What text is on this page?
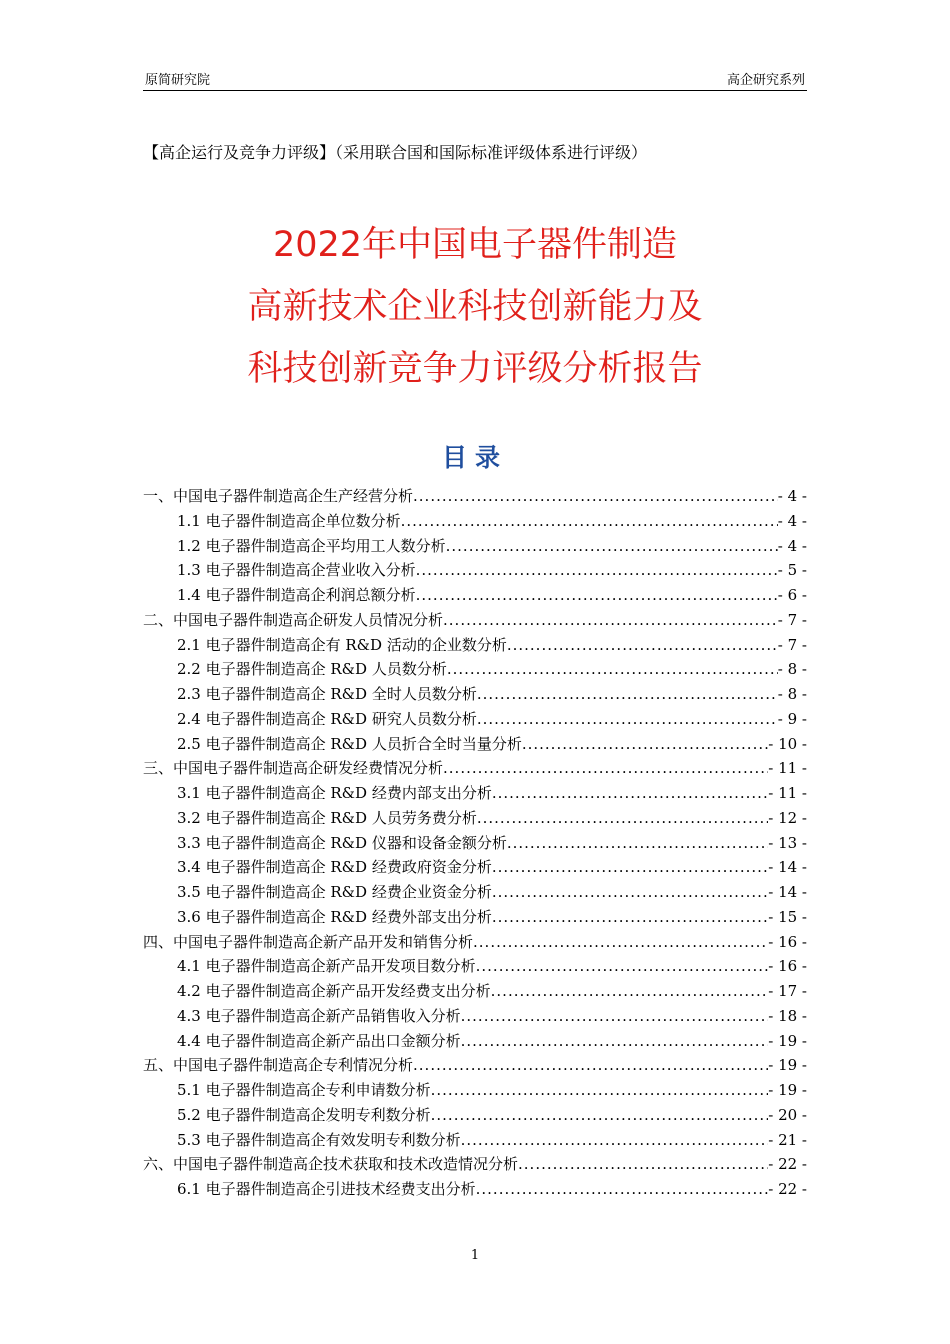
原简研究院	高企研究系列
【高企运行及竞争力评级】（采用联合国和国际标准评级体系进行评级）
2022年中国电子器件制造
高新技术企业科技创新能力及
科技创新竞争力评级分析报告
目录
一、中国电子器件制造高企生产经营分析 .....	- 4 -
1.1 电子器件制造高企单位数分析 .....	- 4 -
1.2 电子器件制造高企平均用工人数分析 .....	- 4 -
1.3 电子器件制造高企营业收入分析 .....	- 5 -
1.4 电子器件制造高企利润总额分析 .....	- 6 -
二、中国电子器件制造高企研发人员情况分析 .....	- 7 -
2.1 电子器件制造高企有 R&D 活动的企业数分析 .....	- 7 -
2.2 电子器件制造高企 R&D 人员数分析 .....	- 8 -
2.3 电子器件制造高企 R&D 全时人员数分析 .....	- 8 -
2.4 电子器件制造高企 R&D 研究人员数分析 .....	- 9 -
2.5 电子器件制造高企 R&D 人员折合全时当量分析 .....	- 10 -
三、中国电子器件制造高企研发经费情况分析 .....	- 11 -
3.1 电子器件制造高企 R&D 经费内部支出分析 .....	- 11 -
3.2 电子器件制造高企 R&D 人员劳务费分析 .....	- 12 -
3.3 电子器件制造高企 R&D 仪器和设备金额分析 .....	- 13 -
3.4 电子器件制造高企 R&D 经费政府资金分析 .....	- 14 -
3.5 电子器件制造高企 R&D 经费企业资金分析 .....	- 14 -
3.6 电子器件制造高企 R&D 经费外部支出分析 .....	- 15 -
四、中国电子器件制造高企新产品开发和销售分析 .....	- 16 -
4.1 电子器件制造高企新产品开发项目数分析 .....	- 16 -
4.2 电子器件制造高企新产品开发经费支出分析 .....	- 17 -
4.3 电子器件制造高企新产品销售收入分析 .....	- 18 -
4.4 电子器件制造高企新产品出口金额分析 .....	- 19 -
五、中国电子器件制造高企专利情况分析 .....	- 19 -
5.1 电子器件制造高企专利申请数分析 .....	- 19 -
5.2 电子器件制造高企发明专利数分析 .....	- 20 -
5.3 电子器件制造高企有效发明专利数分析 .....	- 21 -
六、中国电子器件制造高企技术获取和技术改造情况分析 .....	- 22 -
6.1 电子器件制造高企引进技术经费支出分析 .....	- 22 -
1
